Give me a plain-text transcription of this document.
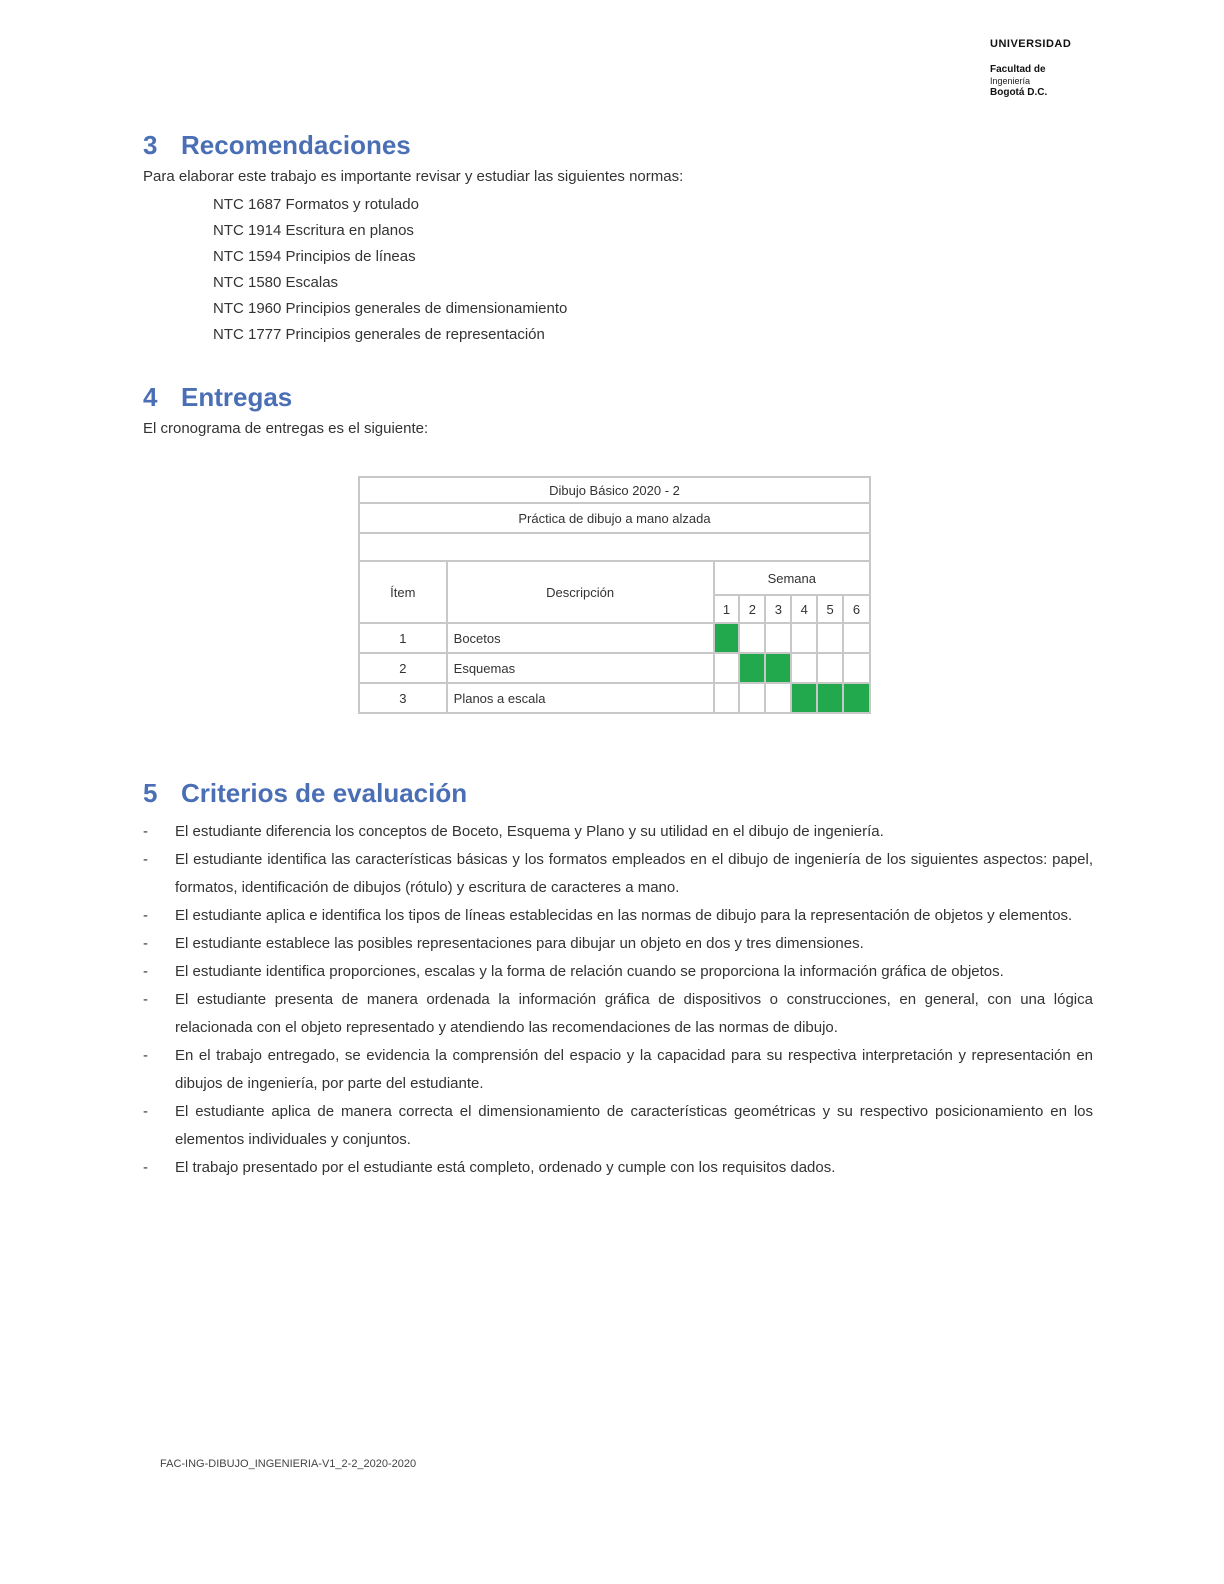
UNIVERSIDAD
Facultad de
Ingeniería
Bogotá D.C.
3 Recomendaciones

Para elaborar este trabajo es importante revisar y estudiar las siguientes normas:

NTC 1687 Formatos y rotulado
NTC 1914 Escritura en planos
NTC 1594 Principios de líneas
NTC 1580 Escalas
NTC 1960 Principios generales de dimensionamiento
NTC 1777 Principios generales de representación
4 Entregas

El cronograma de entregas es el siguiente:

Dibujo Básico 2020 - 2							
Práctica de dibujo a mano alzada							

Ítem	Descripción	Semana					
		1	2	3	4	5	6
1	Bocetos						
2	Esquemas						
3	Planos a escala						
5 Criterios de evaluación
- El estudiante diferencia los conceptos de Boceto, Esquema y Plano y su utilidad en el dibujo de ingeniería.
- El estudiante identifica las características básicas y los formatos empleados en el dibujo de ingeniería de los siguientes aspectos: papel, formatos, identificación de dibujos (rótulo) y escritura de caracteres a mano.
- El estudiante aplica e identifica los tipos de líneas establecidas en las normas de dibujo para la representación de objetos y elementos.
- El estudiante establece las posibles representaciones para dibujar un objeto en dos y tres dimensiones.
- El estudiante identifica proporciones, escalas y la forma de relación cuando se proporciona la información gráfica de objetos.
- El estudiante presenta de manera ordenada la información gráfica de dispositivos o construcciones, en general, con una lógica relacionada con el objeto representado y atendiendo las recomendaciones de las normas de dibujo.
- En el trabajo entregado, se evidencia la comprensión del espacio y la capacidad para su respectiva interpretación y representación en dibujos de ingeniería, por parte del estudiante.
- El estudiante aplica de manera correcta el dimensionamiento de características geométricas y su respectivo posicionamiento en los elementos individuales y conjuntos.
- El trabajo presentado por el estudiante está completo, ordenado y cumple con los requisitos dados.
FAC-ING-DIBUJO_INGENIERIA-V1_2-2_2020-2020
